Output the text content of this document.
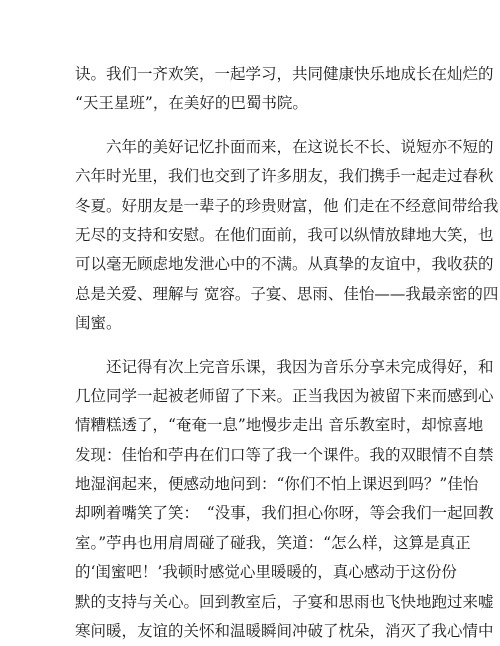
诀。我们一齐欢笑，一起学习，共同健康快乐地成长在灿烂的
“天王星班”，在美好的巴蜀书院。
　　六年的美好记忆扑面而来，在这说长不长、说短亦不短的
六年时光里，我们也交到了许多朋友，我们携手一起走过春秋
冬夏。好朋友是一辈子的珍贵财富，他 们走在不经意间带给我
无尽的支持和安慰。在他们面前，我可以纵情放肆地大笑，也
可以毫无顾虑地发泄心中的不满。从真挚的友谊中，我收获的
总是关爱、理解与 宽容。子宴、思雨、佳怡——我最亲密的四
闺蜜。
　　还记得有次上完音乐课，我因为音乐分享未完成得好，和
几位同学一起被老师留了下来。正当我因为被留下来而感到心
情糟糕透了，“奄奄一息”地慢步走出 音乐教室时，却惊喜地
发现：佳怡和苧冉在们口等了我一个课件。我的双眼情不自禁
地湿润起来，便感动地问到：“你们不怕上课迟到吗？”佳怡
却咧着嘴笑了笑：　“没事，我们担心你呀，等会我们一起回教
室。”苧冉也用肩周碰了碰我，笑道：“怎么样，这算是真正
的‘闺蜜吧！’我顿时感觉心里暖暖的，真心感动于这份份
默的支持与关心。回到教室后，子宴和思雨也飞快地跑过来嘘
寒问暖，友谊的关怀和温暖瞬间冲破了枕朵，消灭了我心情中
